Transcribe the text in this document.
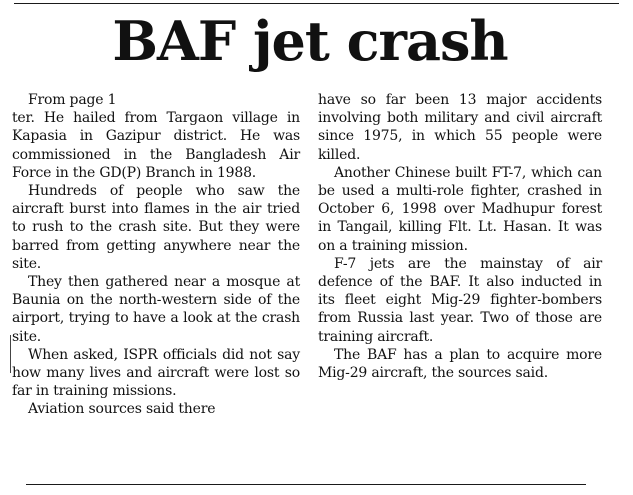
BAF jet crash

From page 1

ter. He hailed from Targaon village in Kapasia in Gazipur district. He was commissioned in the Bangladesh Air Force in the GD(P) Branch in 1988.

Hundreds of people who saw the aircraft burst into flames in the air tried to rush to the crash site. But they were barred from getting anywhere near the site.

They then gathered near a mosque at Baunia on the north-western side of the airport, trying to have a look at the crash site.

When asked, ISPR officials did not say how many lives and aircraft were lost so far in training missions.

Aviation sources said there

have so far been 13 major accidents involving both military and civil aircraft since 1975, in which 55 people were killed.

Another Chinese built FT-7, which can be used a multi-role fighter, crashed in October 6, 1998 over Madhupur forest in Tangail, killing Flt. Lt. Hasan. It was on a training mission.

F-7 jets are the mainstay of air defence of the BAF. It also inducted in its fleet eight Mig-29 fighter-bombers from Russia last year. Two of those are training aircraft.

The BAF has a plan to acquire more Mig-29 aircraft, the sources said.
